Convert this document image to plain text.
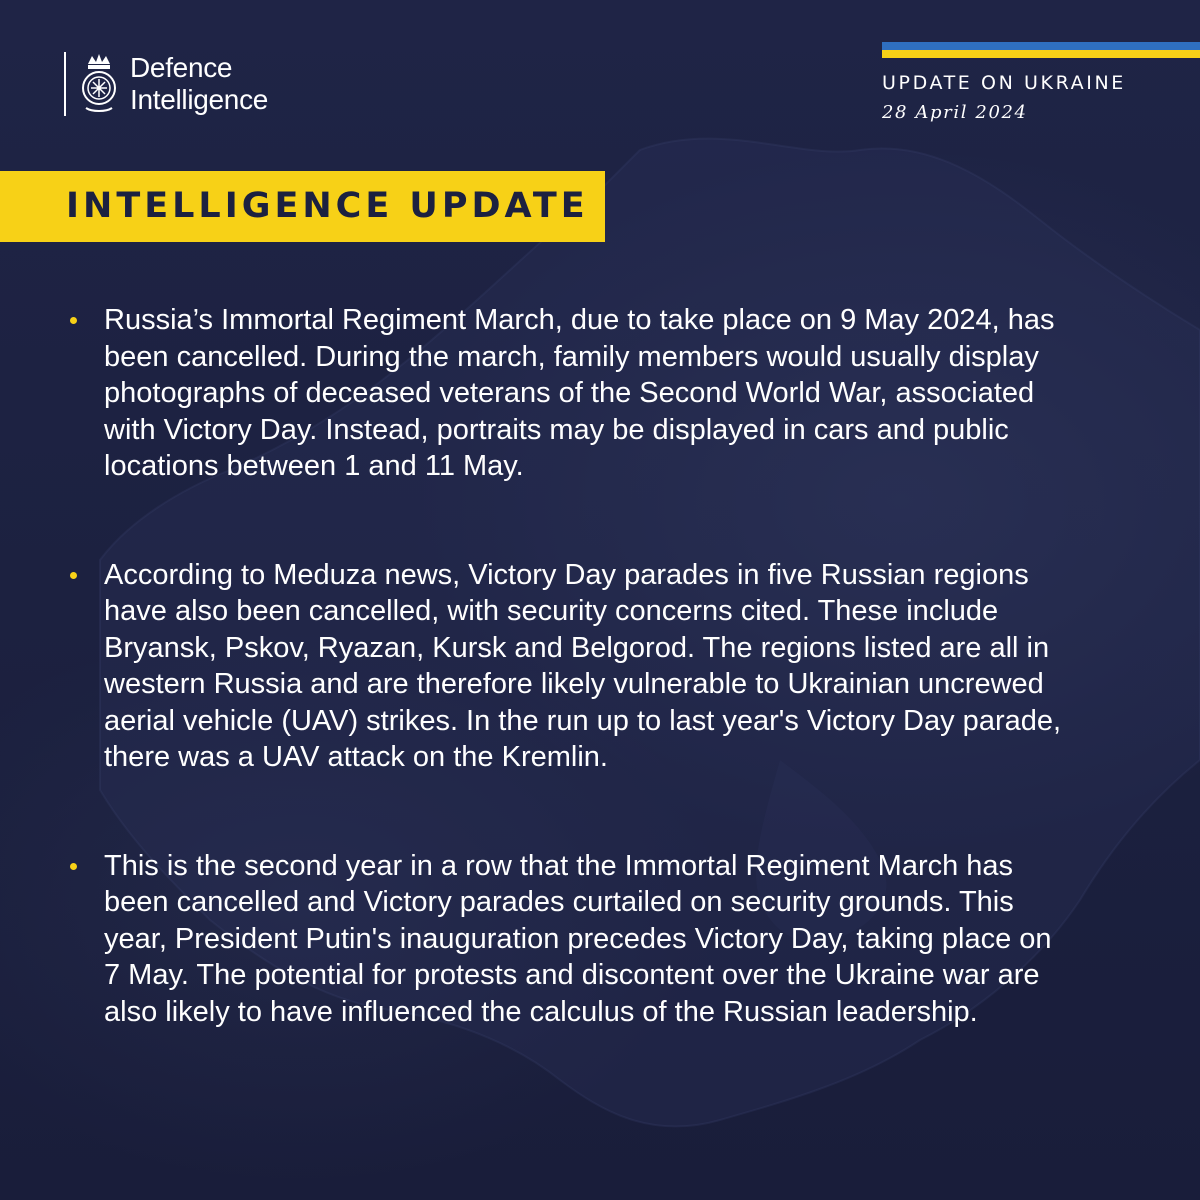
Defence
Intelligence
UPDATE ON UKRAINE
28 April 2024
INTELLIGENCE UPDATE
Russia’s Immortal Regiment March, due to take place on 9 May 2024, has been cancelled. During the march, family members would usually display photographs of deceased veterans of the Second World War, associated with Victory Day. Instead, portraits may be displayed in cars and public locations between 1 and 11 May.
According to Meduza news, Victory Day parades in five Russian regions have also been cancelled, with security concerns cited. These include Bryansk, Pskov, Ryazan, Kursk and Belgorod. The regions listed are all in western Russia and are therefore likely vulnerable to Ukrainian uncrewed aerial vehicle (UAV) strikes. In the run up to last year's Victory Day parade, there was a UAV attack on the Kremlin.
This is the second year in a row that the Immortal Regiment March has been cancelled and Victory parades curtailed on security grounds. This year, President Putin's inauguration precedes Victory Day, taking place on 7 May. The potential for protests and discontent over the Ukraine war are also likely to have influenced the calculus of the Russian leadership.
